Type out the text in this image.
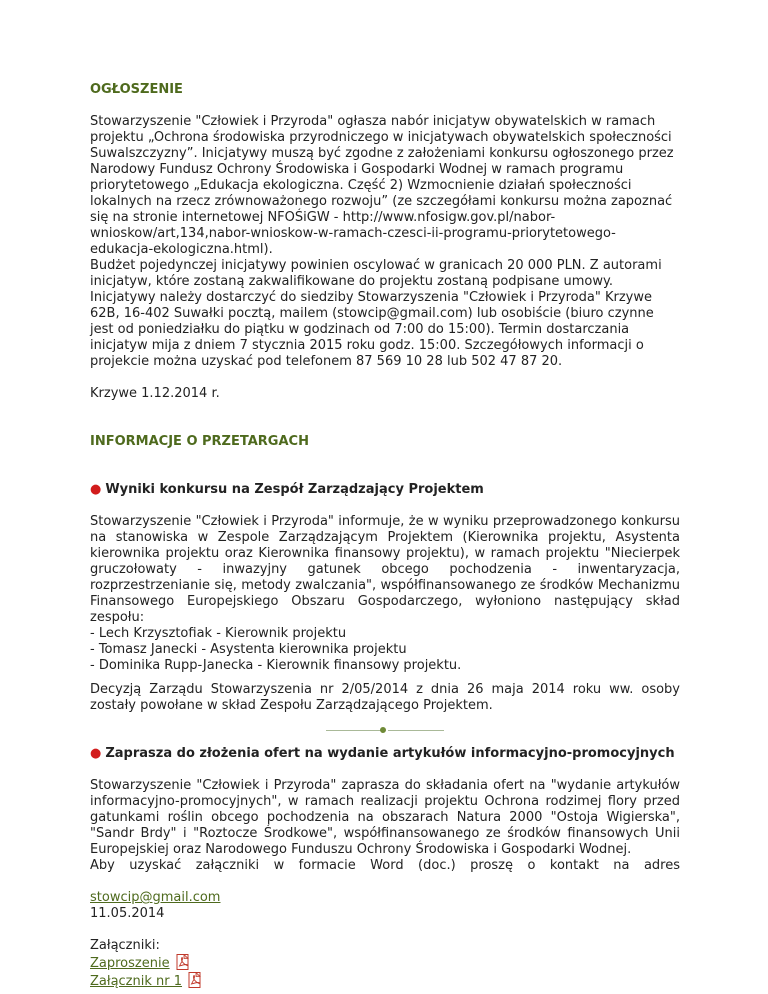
OGŁOSZENIE

Stowarzyszenie "Człowiek i Przyroda" ogłasza nabór inicjatyw obywatelskich w ramach
projektu „Ochrona środowiska przyrodniczego w inicjatywach obywatelskich społeczności
Suwalszczyzny”. Inicjatywy muszą być zgodne z założeniami konkursu ogłoszonego przez
Narodowy Fundusz Ochrony Środowiska i Gospodarki Wodnej w ramach programu
priorytetowego „Edukacja ekologiczna. Część 2) Wzmocnienie działań społeczności
lokalnych na rzecz zrównoważonego rozwoju” (ze szczegółami konkursu można zapoznać
się na stronie internetowej NFOŚiGW - http://www.nfosigw.gov.pl/nabor-
wnioskow/art,134,nabor-wnioskow-w-ramach-czesci-ii-programu-priorytetowego-
edukacja-ekologiczna.html).
Budżet pojedynczej inicjatywy powinien oscylować w granicach 20 000 PLN. Z autorami
inicjatyw, które zostaną zakwalifikowane do projektu zostaną podpisane umowy.
Inicjatywy należy dostarczyć do siedziby Stowarzyszenia "Człowiek i Przyroda" Krzywe
62B, 16-402 Suwałki pocztą, mailem (stowcip@gmail.com) lub osobiście (biuro czynne
jest od poniedziałku do piątku w godzinach od 7:00 do 15:00). Termin dostarczania
inicjatyw mija z dniem 7 stycznia 2015 roku godz. 15:00. Szczegółowych informacji o
projekcie można uzyskać pod telefonem 87 569 10 28 lub 502 47 87 20.

Krzywe 1.12.2014 r.

INFORMACJE O PRZETARGACH

● Wyniki konkursu na Zespół Zarządzający Projektem

Stowarzyszenie "Człowiek i Przyroda" informuje, że w wyniku przeprowadzonego konkursu na stanowiska w Zespole Zarządzającym Projektem (Kierownika projektu, Asystenta kierownika projektu oraz Kierownika finansowy projektu), w ramach projektu "Niecierpek gruczołowaty - inwazyjny gatunek obcego pochodzenia - inwentaryzacja, rozprzestrzenianie się, metody zwalczania", współfinansowanego ze środków Mechanizmu Finansowego Europejskiego Obszaru Gospodarczego, wyłoniono następujący skład zespołu:

- Lech Krzysztofiak - Kierownik projektu

- Tomasz Janecki - Asystenta kierownika projektu

- Dominika Rupp-Janecka - Kierownik finansowy projektu.

Decyzją Zarządu Stowarzyszenia nr 2/05/2014 z dnia 26 maja 2014 roku ww. osoby zostały powołane w skład Zespołu Zarządzającego Projektem.

● Zaprasza do złożenia ofert na wydanie artykułów informacyjno-promocyjnych

Stowarzyszenie "Człowiek i Przyroda" zaprasza do składania ofert na "wydanie artykułów informacyjno-promocyjnych", w ramach realizacji projektu Ochrona rodzimej flory przed gatunkami roślin obcego pochodzenia na obszarach Natura 2000 "Ostoja Wigierska", "Sandr Brdy" i "Roztocze Środkowe", współfinansowanego ze środków finansowych Unii Europejskiej oraz Narodowego Funduszu Ochrony Środowiska i Gospodarki Wodnej.

Aby uzyskać załączniki w formacie Word (doc.) proszę o kontakt na adres

stowcip@gmail.com

11.05.2014

Załączniki:

Zaproszenie

Załącznik nr 1
